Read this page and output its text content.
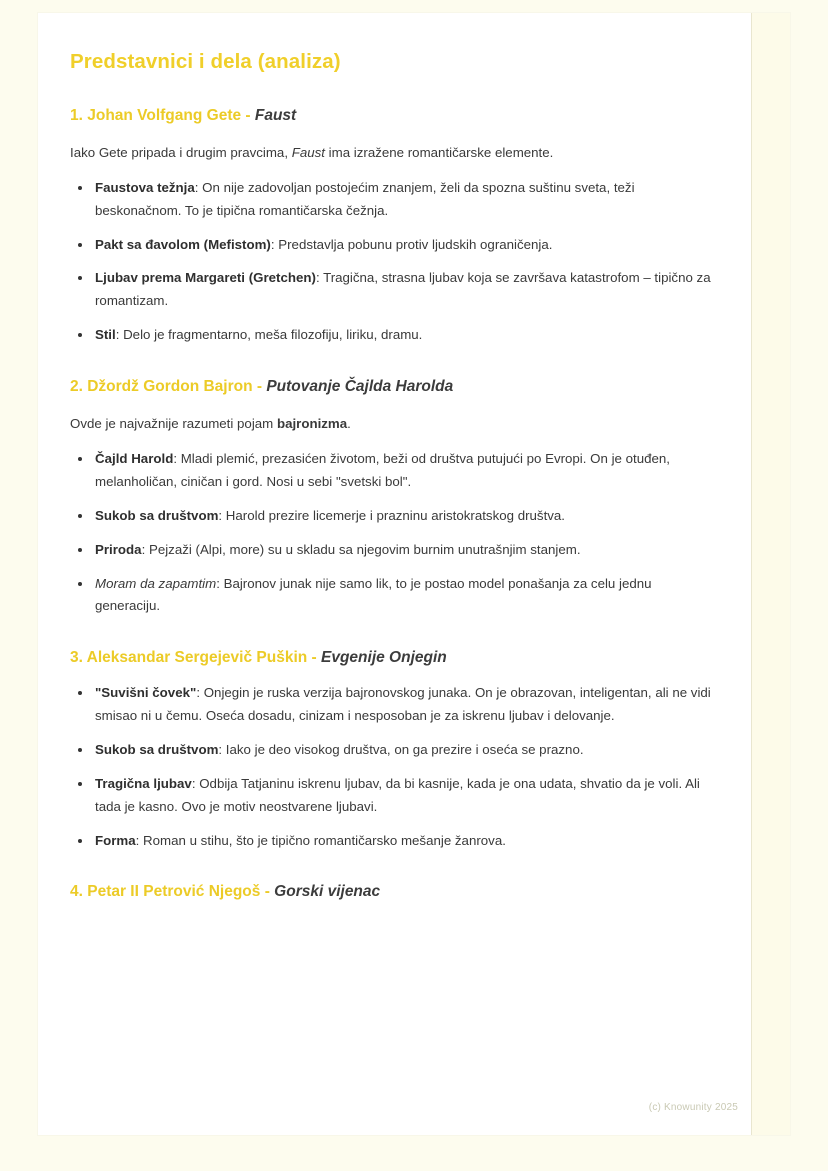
Predstavnici i dela (analiza)
1. Johan Volfgang Gete - Faust

Iako Gete pripada i drugim pravcima, Faust ima izražene romantičarske elemente.

Faustova težnja: On nije zadovoljan postojećim znanjem, želi da spozna suštinu sveta, teži beskonačnom. To je tipična romantičarska čežnja.
Pakt sa đavolom (Mefistom): Predstavlja pobunu protiv ljudskih ograničenja.
Ljubav prema Margareti (Gretchen): Tragična, strasna ljubav koja se završava katastrofom – tipično za romantizam.
Stil: Delo je fragmentarno, meša filozofiju, liriku, dramu.
2. Džordž Gordon Bajron - Putovanje Čajlda Harolda

Ovde je najvažnije razumeti pojam bajronizma.

Čajld Harold: Mladi plemić, prezasićen životom, beži od društva putujući po Evropi. On je otuđen, melanholičan, ciničan i gord. Nosi u sebi "svetski bol".
Sukob sa društvom: Harold prezire licemerje i prazninu aristokratskog društva.
Priroda: Pejzaži (Alpi, more) su u skladu sa njegovim burnim unutrašnjim stanjem.
Moram da zapamtim: Bajronov junak nije samo lik, to je postao model ponašanja za celu jednu generaciju.
3. Aleksandar Sergejevič Puškin - Evgenije Onjegin
"Suvišni čovek": Onjegin je ruska verzija bajronovskog junaka. On je obrazovan, inteligentan, ali ne vidi smisao ni u čemu. Oseća dosadu, cinizam i nesposoban je za iskrenu ljubav i delovanje.
Sukob sa društvom: Iako je deo visokog društva, on ga prezire i oseća se prazno.
Tragična ljubav: Odbija Tatjaninu iskrenu ljubav, da bi kasnije, kada je ona udata, shvatio da je voli. Ali tada je kasno. Ovo je motiv neostvarene ljubavi.
Forma: Roman u stihu, što je tipično romantičarsko mešanje žanrova.
4. Petar II Petrović Njegoš - Gorski vijenac
(c) Knowunity 2025
